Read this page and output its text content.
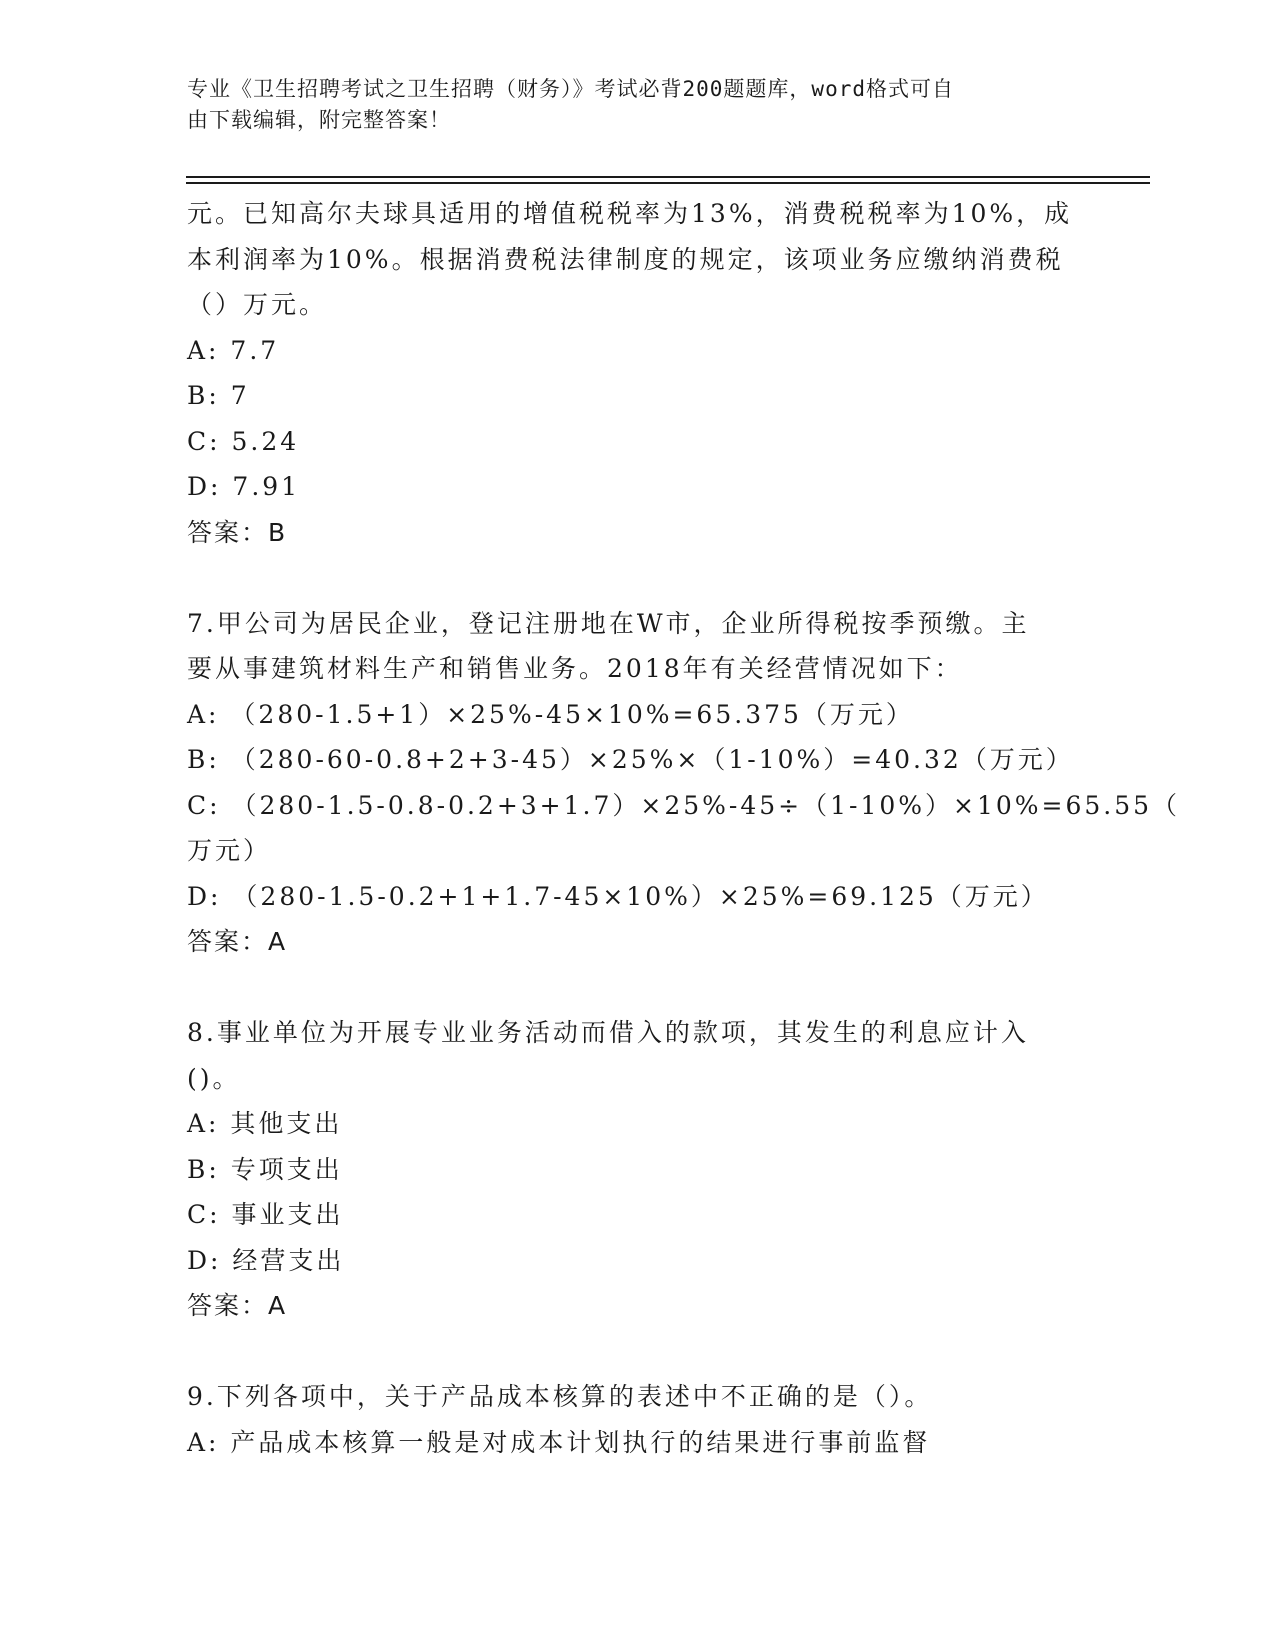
专业《卫生招聘考试之卫生招聘（财务）》考试必背200题题库，word格式可自
由下载编辑，附完整答案！
元。已知高尔夫球具适用的增值税税率为13%，消费税税率为10%，成
本利润率为10%。根据消费税法律制度的规定，该项业务应缴纳消费税
（）万元。
A: 7.7
B: 7
C: 5.24
D: 7.91
答案：B
7.甲公司为居民企业，登记注册地在W市，企业所得税按季预缴。主
要从事建筑材料生产和销售业务。2018年有关经营情况如下：
A: （280-1.5+1）×25%-45×10%=65.375（万元）
B: （280-60-0.8+2+3-45）×25%×（1-10%）=40.32（万元）
C: （280-1.5-0.8-0.2+3+1.7）×25%-45÷（1-10%）×10%=65.55（
万元）
D: （280-1.5-0.2+1+1.7-45×10%）×25%=69.125（万元）
答案：A
8.事业单位为开展专业业务活动而借入的款项，其发生的利息应计入
()。
A: 其他支出
B: 专项支出
C: 事业支出
D: 经营支出
答案：A
9.下列各项中，关于产品成本核算的表述中不正确的是（）。
A: 产品成本核算一般是对成本计划执行的结果进行事前监督
